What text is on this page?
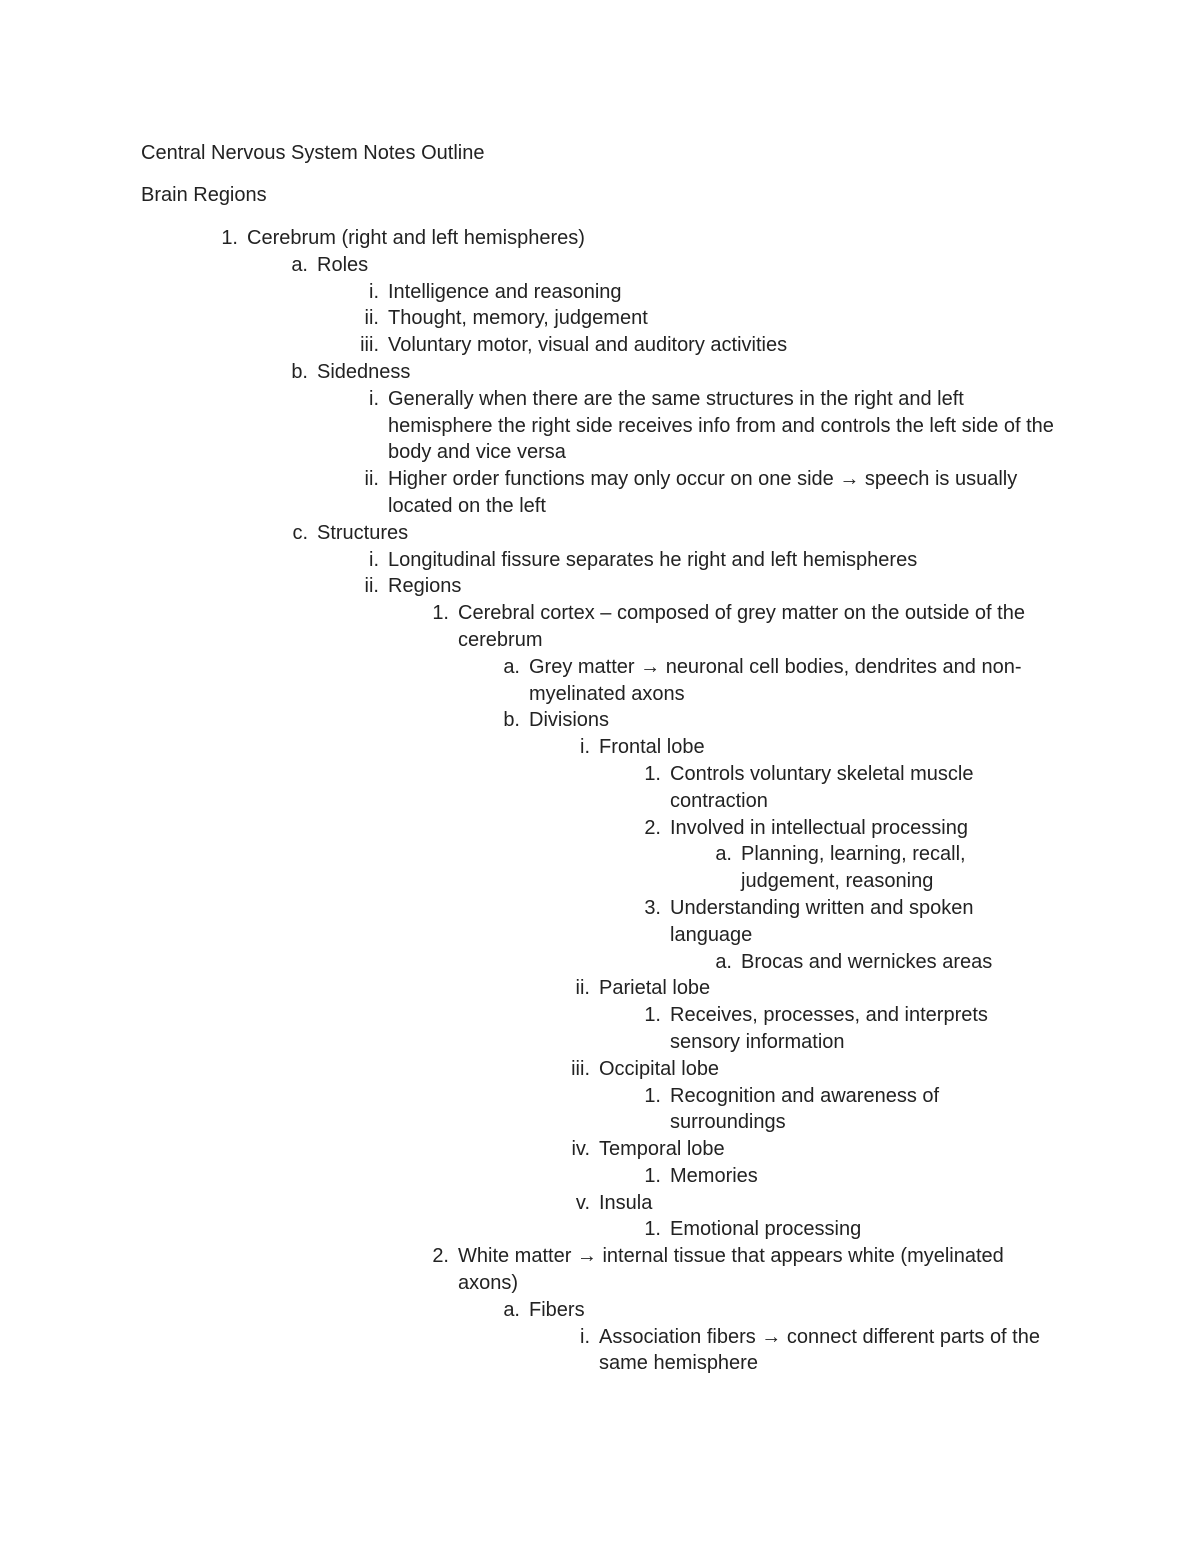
Central Nervous System Notes Outline
Brain Regions
1. Cerebrum (right and left hemispheres)
a. Roles
i. Intelligence and reasoning
ii. Thought, memory, judgement
iii. Voluntary motor, visual and auditory activities
b. Sidedness
i. Generally when there are the same structures in the right and left hemisphere the right side receives info from and controls the left side of the body and vice versa
ii. Higher order functions may only occur on one side → speech is usually located on the left
c. Structures
i. Longitudinal fissure separates he right and left hemispheres
ii. Regions
1. Cerebral cortex – composed of grey matter on the outside of the cerebrum
a. Grey matter → neuronal cell bodies, dendrites and non-myelinated axons
b. Divisions
i. Frontal lobe
1. Controls voluntary skeletal muscle contraction
2. Involved in intellectual processing
a. Planning, learning, recall, judgement, reasoning
3. Understanding written and spoken language
a. Brocas and wernickes areas
ii. Parietal lobe
1. Receives, processes, and interprets sensory information
iii. Occipital lobe
1. Recognition and awareness of surroundings
iv. Temporal lobe
1. Memories
v. Insula
1. Emotional processing
2. White matter → internal tissue that appears white (myelinated axons)
a. Fibers
i. Association fibers → connect different parts of the same hemisphere
